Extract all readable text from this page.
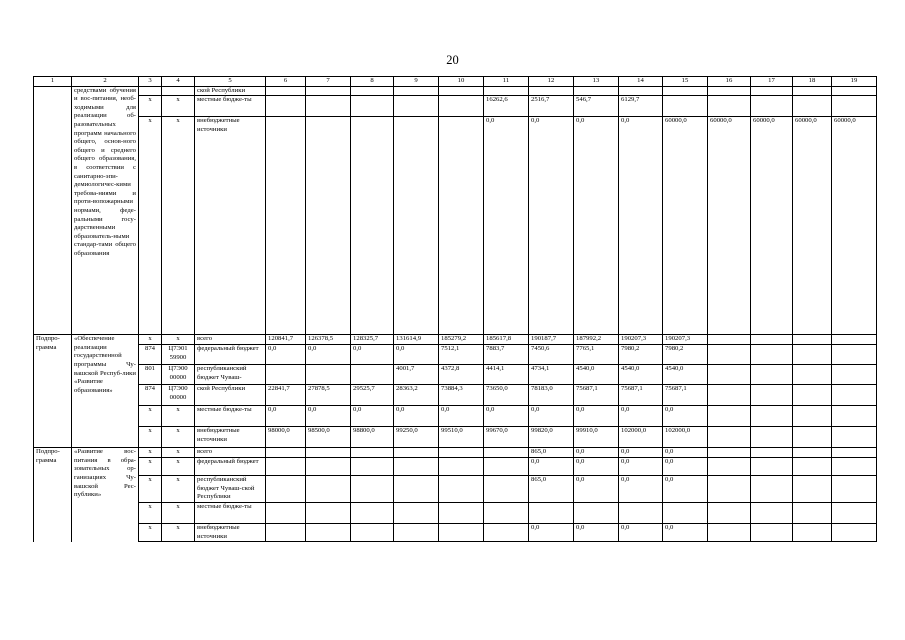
20
1	2	3	4	5	6	7	8	9	10	11	12	13	14	15	16	17	18	19
	средствами обучения и вос-питания, необ-ходимыми для реализации об-разовательных программ начального общего, основ-ного общего и среднего общего образования, в соответствии с санитарно-эпи-демиологичес-кими требова-ниями и проти-вопожарными нормами, феде-ральными госу-дарственными образователь-ными стандар-тами общего образования			ской Республики														
		х	х	местные бюдже-ты						16262,6	2516,7	546,7	6129,7					
		х	х	внебюджетные источники						0,0	0,0	0,0	0,0	60000,0	60000,0	60000,0	60000,0	60000,0
Подпро-грамма	«Обеспечение реализации государственной программы Чу-вашской Респуб-лики «Развитие образования»	х	х	всего	120841,7	126378,5	128325,7	131614,9	185279,2	185617,8	190187,7	187992,2	190207,3	190207,3				
		874	Ц7Э01 59900	федеральный бюджет	0,0	0,0	0,0	0,0	7512,1	7883,7	7450,6	7765,1	7980,2	7980,2				
		801	Ц7Э00 00000	республиканский бюджет Чуваш-				4001,7	4372,8	4414,1	4734,1	4540,0	4540,0	4540,0				
		874	Ц7Э00 00000	ской Республики	22841,7	27878,5	29525,7	28363,2	73884,3	73650,0	78183,0	75687,1	75687,1	75687,1				
		х	х	местные бюдже-ты	0,0	0,0	0,0	0,0	0,0	0,0	0,0	0,0	0,0	0,0				
		х	х	внебюджетные источники	98000,0	98500,0	98800,0	99250,0	99510,0	99670,0	99820,0	99910,0	102000,0	102000,0				
Подпро-грамма	«Развитие вос-питания в обра-зовательных ор-ганизациях Чу-вашской Рес-публики»	х	х	всего							865,0	0,0	0,0	0,0				
		х	х	федеральный бюджет							0,0	0,0	0,0	0,0				
		х	х	республиканский бюджет Чуваш-ской Республики							865,0	0,0	0,0	0,0				
		х	х	местные бюдже-ты														
		х	х	внебюджетные источники							0,0	0,0	0,0	0,0				
